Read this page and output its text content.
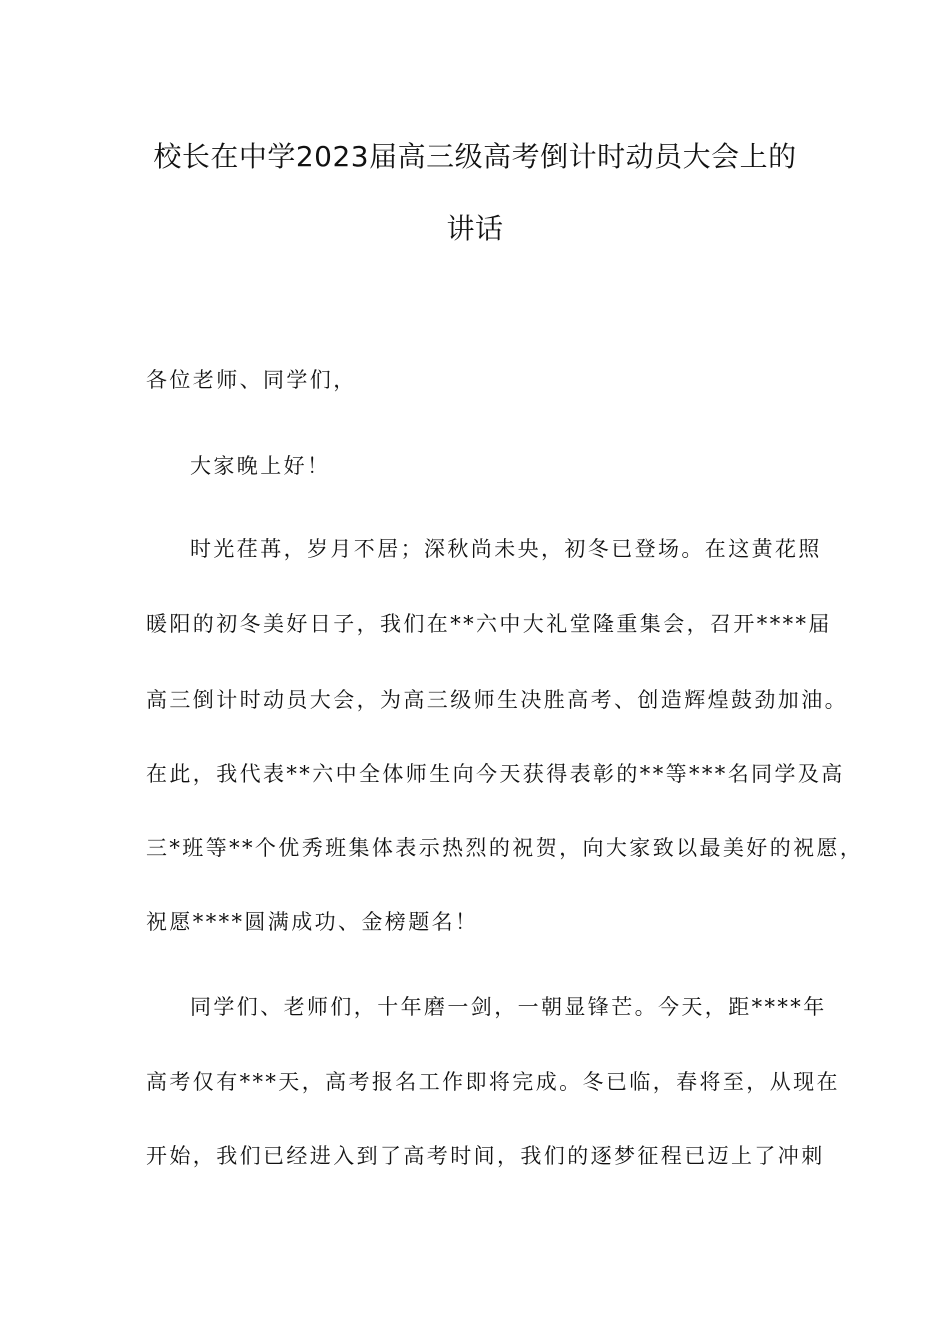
校长在中学2023届高三级高考倒计时动员大会上的
讲话
各位老师、同学们，
大家晚上好！
时光荏苒，岁月不居；深秋尚未央，初冬已登场。在这黄花照
暖阳的初冬美好日子，我们在**六中大礼堂隆重集会，召开****届
高三倒计时动员大会，为高三级师生决胜高考、创造辉煌鼓劲加油。
在此，我代表**六中全体师生向今天获得表彰的**等***名同学及高
三*班等**个优秀班集体表示热烈的祝贺，向大家致以最美好的祝愿，
祝愿****圆满成功、金榜题名！
同学们、老师们，十年磨一剑，一朝显锋芒。今天，距****年
高考仅有***天，高考报名工作即将完成。冬已临，春将至，从现在
开始，我们已经进入到了高考时间，我们的逐梦征程已迈上了冲刺
